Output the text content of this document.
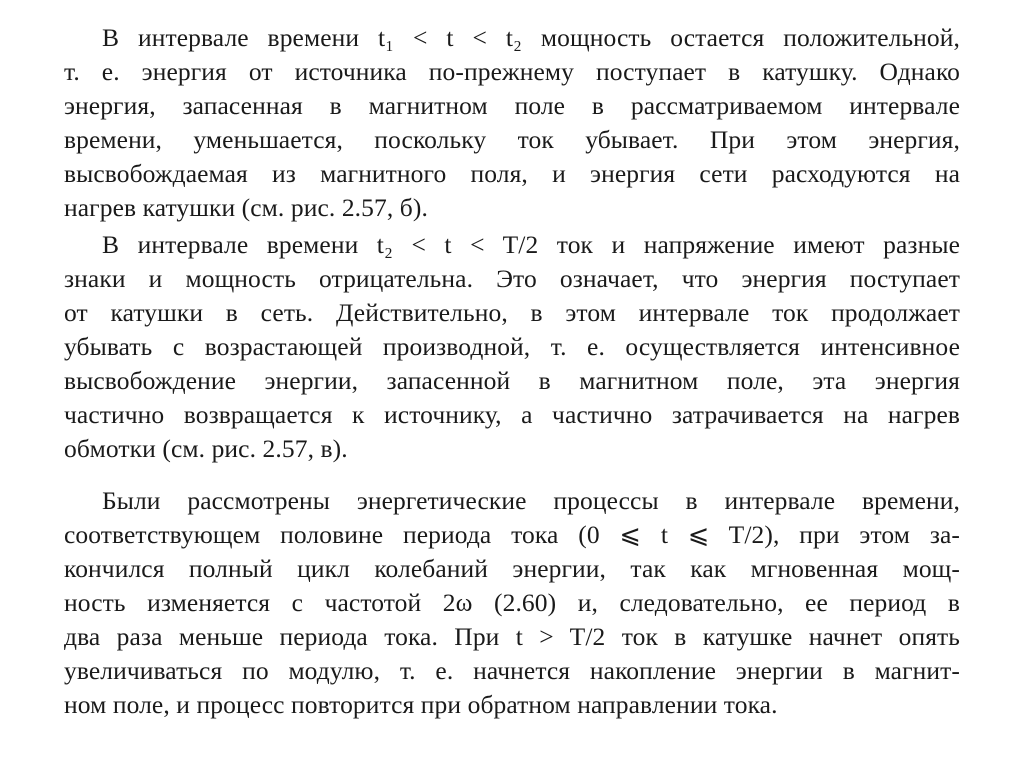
В интервале времени t₁ < t < t₂ мощность остается положительной,
т. е. энергия от источника по-прежнему поступает в катушку. Однако
энергия, запасенная в магнитном поле в рассматриваемом интервале
времени, уменьшается, поскольку ток убывает. При этом энергия,
высвобождаемая из магнитного поля, и энергия сети расходуются на
нагрев катушки (см. рис. 2.57, б).
В интервале времени t₂ < t < T/2 ток и напряжение имеют разные
знаки и мощность отрицательна. Это означает, что энергия поступает
от катушки в сеть. Действительно, в этом интервале ток продолжает
убывать с возрастающей производной, т. е. осуществляется интенсивное
высвобождение энергии, запасенной в магнитном поле, эта энергия
частично возвращается к источнику, а частично затрачивается на нагрев
обмотки (см. рис. 2.57, в).
Были рассмотрены энергетические процессы в интервале времени,
соответствующем половине периода тока (0 ⩽ t ⩽ T/2), при этом за-
кончился полный цикл колебаний энергии, так как мгновенная мощ-
ность изменяется с частотой 2ω (2.60) и, следовательно, ее период в
два раза меньше периода тока. При t > T/2 ток в катушке начнет опять
увеличиваться по модулю, т. е. начнется накопление энергии в магнит-
ном поле, и процесс повторится при обратном направлении тока.
